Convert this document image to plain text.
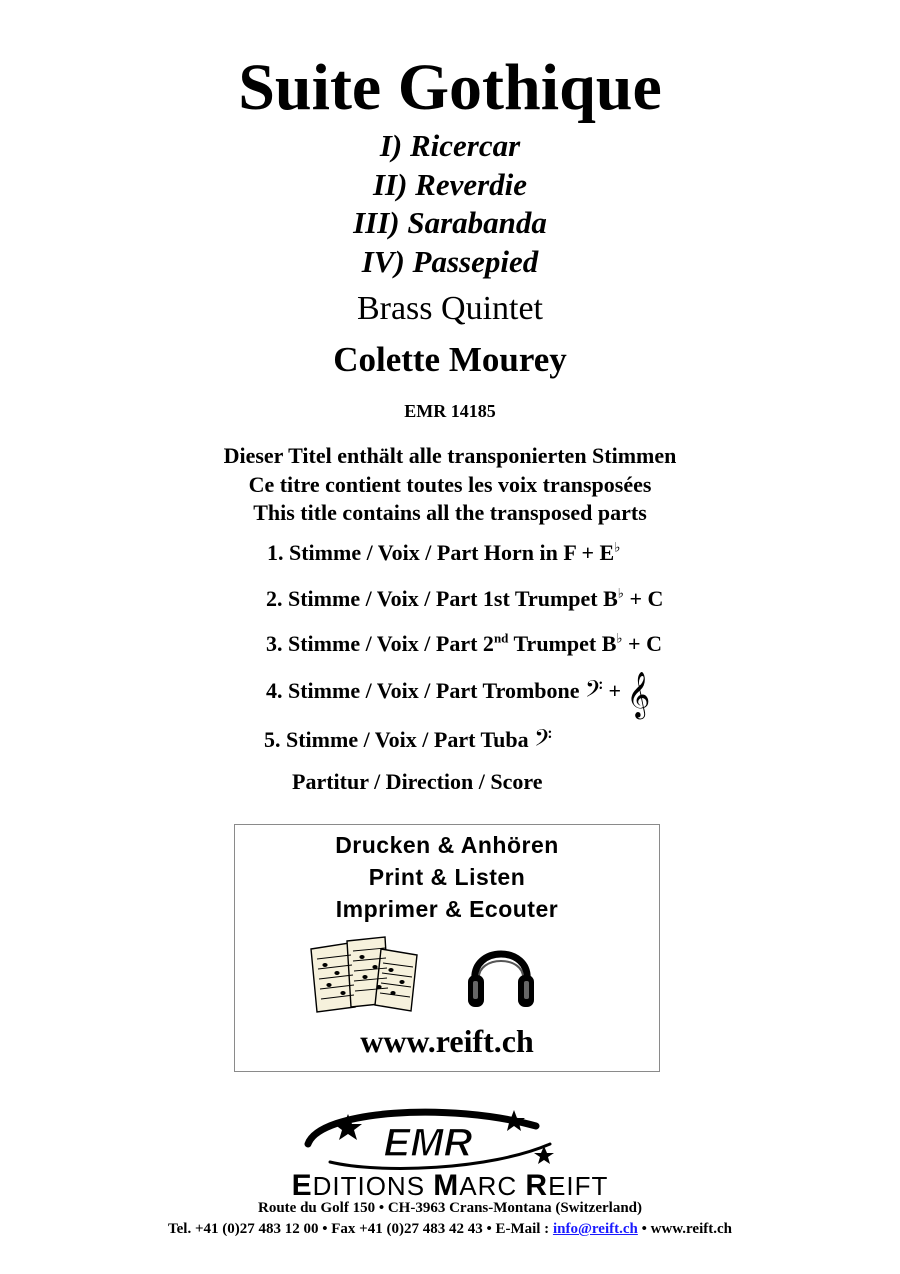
Suite Gothique
I) Ricercar
II) Reverdie
III) Sarabanda
IV) Passepied
Brass Quintet
Colette Mourey
EMR 14185
Dieser Titel enthält alle transponierten Stimmen
Ce titre contient toutes les voix transposées
This title contains all the transposed parts
1. Stimme / Voix / Part Horn in F + E♭
2. Stimme / Voix / Part 1st Trumpet B♭ + C
3. Stimme / Voix / Part 2nd Trumpet B♭ + C
4. Stimme / Voix / Part Trombone 𝄢 + 𝄞
5. Stimme / Voix / Part Tuba 𝄢
Partitur / Direction / Score
Drucken & Anhören
Print & Listen
Imprimer & Ecouter
www.reift.ch
EMR
EDITIONS MARC REIFT
Route du Golf 150 • CH-3963 Crans-Montana (Switzerland)
Tel. +41 (0)27 483 12 00 • Fax +41 (0)27 483 42 43 • E-Mail : info@reift.ch • www.reift.ch
